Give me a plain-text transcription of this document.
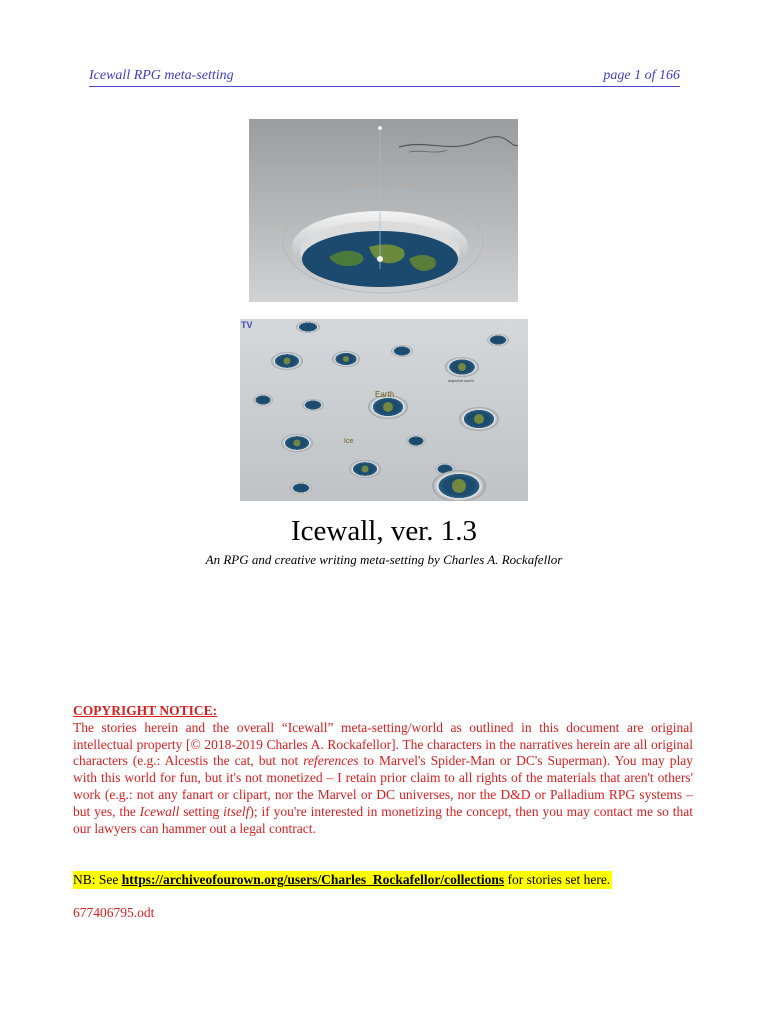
Icewall RPG meta-setting	page 1 of 166
TV
Earth
Ice
adjacent world
Icewall, ver. 1.3
An RPG and creative writing meta-setting by Charles A. Rockafellor
COPYRIGHT NOTICE:
The stories herein and the overall “Icewall” meta-setting/world as outlined in this document are original intellectual property [© 2018-2019 Charles A. Rockafellor]. The characters in the narratives herein are all original characters (e.g.: Alcestis the cat, but not references to Marvel's Spider-Man or DC's Superman). You may play with this world for fun, but it's not monetized – I retain prior claim to all rights of the materials that aren't others' work (e.g.: not any fanart or clipart, nor the Marvel or DC universes, nor the D&D or Palladium RPG systems – but yes, the Icewall setting itself); if you're interested in monetizing the concept, then you may contact me so that our lawyers can hammer out a legal contract.
NB: See https://archiveofourown.org/users/Charles_Rockafellor/collections for stories set here.
677406795.odt
